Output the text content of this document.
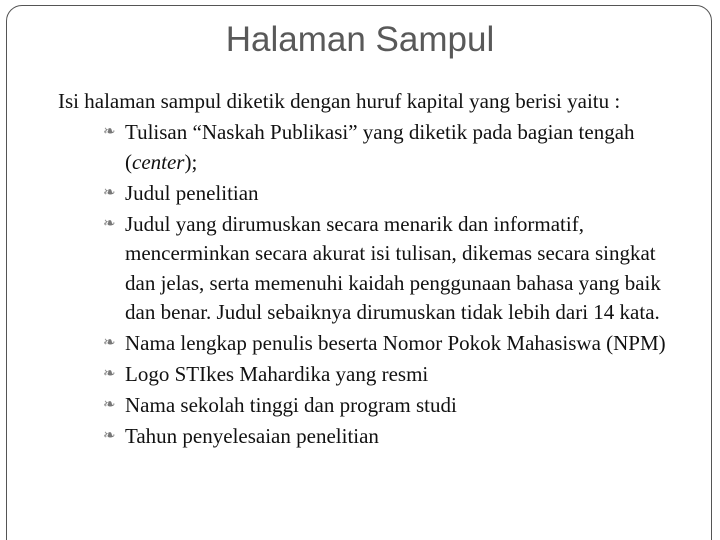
Halaman Sampul

Isi halaman sampul diketik dengan huruf kapital yang berisi yaitu :

❧ Tulisan “Naskah Publikasi” yang diketik pada bagian tengah (center);
❧ Judul penelitian
❧ Judul yang dirumuskan secara menarik dan informatif, mencerminkan secara akurat isi tulisan, dikemas secara singkat dan jelas, serta memenuhi kaidah penggunaan bahasa yang baik dan benar. Judul sebaiknya dirumuskan tidak lebih dari 14 kata.
❧ Nama lengkap penulis beserta Nomor Pokok Mahasiswa (NPM)
❧ Logo STIkes Mahardika yang resmi
❧ Nama sekolah tinggi dan program studi
❧ Tahun penyelesaian penelitian
